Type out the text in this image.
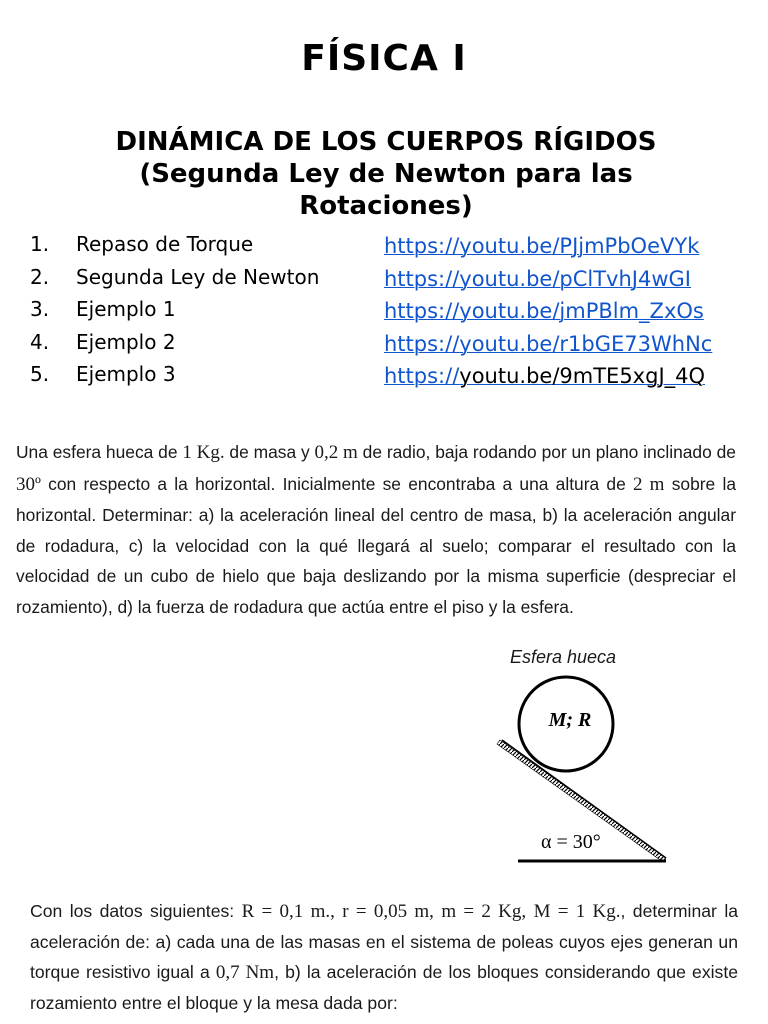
FÍSICA I
DINÁMICA DE LOS CUERPOS RÍGIDOS
(Segunda Ley de Newton para las
Rotaciones)
1. Repaso de Torque
2. Segunda Ley de Newton
3. Ejemplo 1
4. Ejemplo 2
5. Ejemplo 3
https://youtu.be/PJjmPbOeVYk
https://youtu.be/pClTvhJ4wGI
https://youtu.be/jmPBlm_ZxOs
https://youtu.be/r1bGE73WhNc
https://youtu.be/9mTE5xgJ_4Q
Una esfera hueca de 1 Kg. de masa y 0,2 m de radio, baja rodando por un plano inclinado de 30º con respecto a la horizontal. Inicialmente se encontraba a una altura de 2 m sobre la horizontal. Determinar: a) la aceleración lineal del centro de masa, b) la aceleración angular de rodadura, c) la velocidad con la qué llegará al suelo; comparar el resultado con la velocidad de un cubo de hielo que baja deslizando por la misma superficie (despreciar el rozamiento), d) la fuerza de rodadura que actúa entre el piso y la esfera.
Esfera hueca
M; R
α = 30°
Con los datos siguientes: R = 0,1 m., r = 0,05 m, m = 2 Kg, M = 1 Kg., determinar la aceleración de: a) cada una de las masas en el sistema de poleas cuyos ejes generan un torque resistivo igual a 0,7 Nm, b) la aceleración de los bloques considerando que existe rozamiento entre el bloque y la mesa dada por:
